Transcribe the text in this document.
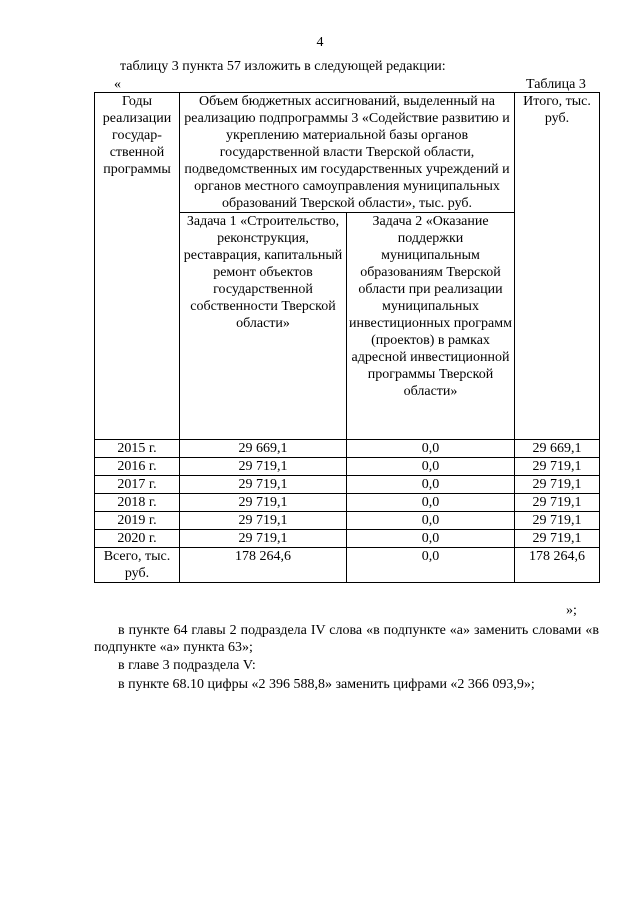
4
таблицу 3 пункта 57 изложить в следующей редакции:
«	Таблица 3
Годы реализации государ- ственной программы	Объем бюджетных ассигнований, выделенный на реализацию подпрограммы 3 «Содействие развитию и укреплению материальной базы органов государственной власти Тверской области, подведомственных им государственных учреждений и органов местного самоуправления муниципальных образований Тверской области», тыс. руб.		Итого, тыс. руб.
	Задача 1 «Строительство, реконструкция, реставрация, капитальный ремонт объектов государственной собственности Тверской области»	Задача 2 «Оказание поддержки муниципальным образованиям Тверской области при реализации муниципальных инвестиционных программ (проектов) в рамках адресной инвестиционной программы Тверской области»	
2015 г.	29 669,1	0,0	29 669,1
2016 г.	29 719,1	0,0	29 719,1
2017 г.	29 719,1	0,0	29 719,1
2018 г.	29 719,1	0,0	29 719,1
2019 г.	29 719,1	0,0	29 719,1
2020 г.	29 719,1	0,0	29 719,1
Всего, тыс. руб.	178 264,6	0,0	178 264,6
»;
в пункте 64 главы 2 подраздела IV слова «в подпункте «а» заменить словами «в подпункте «а» пункта 63»;
в главе 3 подраздела V:
в пункте 68.10 цифры «2 396 588,8» заменить цифрами «2 366 093,9»;
